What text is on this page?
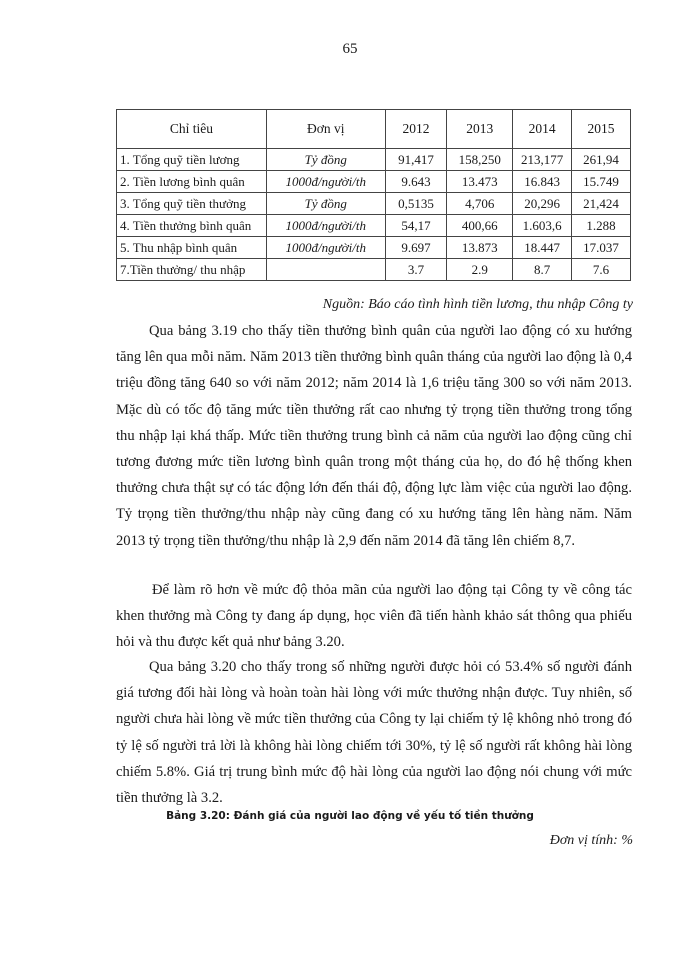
65
Chỉ tiêu	Đơn vị	2012	2013	2014	2015
1. Tổng quỹ tiền lương	Tỷ đồng	91,417	158,250	213,177	261,94
2. Tiền lương bình quân	1000đ/người/th	9.643	13.473	16.843	15.749
3. Tổng quỹ tiền thưởng	Tỷ đồng	0,5135	4,706	20,296	21,424
4. Tiền thưởng bình quân	1000đ/người/th	54,17	400,66	1.603,6	1.288
5. Thu nhập bình quân	1000đ/người/th	9.697	13.873	18.447	17.037
7.Tiền thưởng/ thu nhập		3.7	2.9	8.7	7.6
Nguồn: Báo cáo tình hình tiền lương, thu nhập Công ty

Qua bảng 3.19 cho thấy tiền thưởng bình quân của người lao động có xu hướng tăng lên qua mỗi năm. Năm 2013 tiền thưởng bình quân tháng của người lao động là 0,4 triệu đồng tăng 640 so với năm 2012; năm 2014 là 1,6 triệu tăng 300 so với năm 2013. Mặc dù có tốc độ tăng mức tiền thưởng rất cao nhưng tỷ trọng tiền thưởng trong tổng thu nhập lại khá thấp. Mức tiền thưởng trung bình cả năm của người lao động cũng chỉ tương đương mức tiền lương bình quân trong một tháng của họ, do đó hệ thống khen thưởng chưa thật sự có tác động lớn đến thái độ, động lực làm việc của người lao động. Tỷ trọng tiền thưởng/thu nhập này cũng đang có xu hướng tăng lên hàng năm. Năm 2013 tỷ trọng tiền thưởng/thu nhập là 2,9 đến năm 2014 đã tăng lên chiếm 8,7.

Để làm rõ hơn về mức độ thỏa mãn của người lao động tại Công ty về công tác khen thưởng mà Công ty đang áp dụng, học viên đã tiến hành khảo sát thông qua phiếu hỏi và thu được kết quả như bảng 3.20.

Qua bảng 3.20 cho thấy trong số những người được hỏi có 53.4% số người đánh giá tương đối hài lòng và hoàn toàn hài lòng với mức thưởng nhận được. Tuy nhiên, số người chưa hài lòng về mức tiền thưởng của Công ty lại chiếm tỷ lệ không nhỏ trong đó tỷ lệ số người trả lời là không hài lòng chiếm tới 30%, tỷ lệ số người rất không hài lòng chiếm 5.8%. Giá trị trung bình mức độ hài lòng của người lao động nói chung với mức tiền thưởng là 3.2.

Bảng 3.20: Đánh giá của người lao động về yếu tố tiền thưởng
Đơn vị tính: %
